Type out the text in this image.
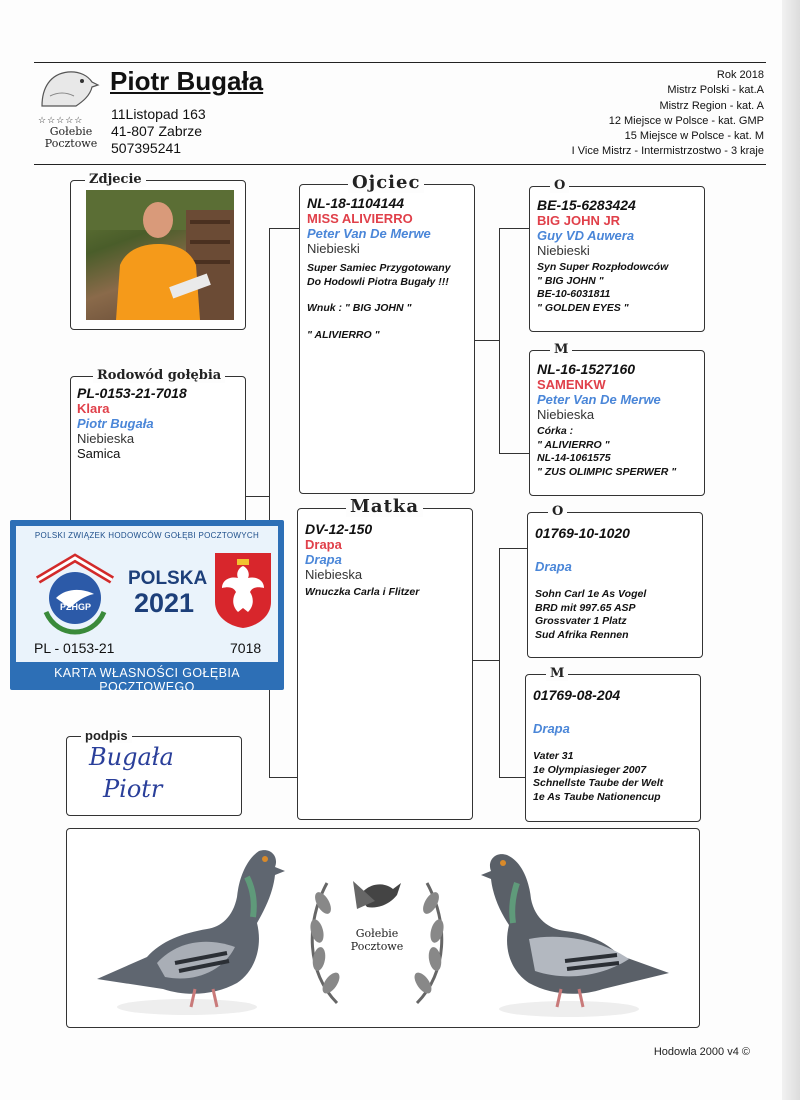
☆☆☆☆☆
Gołebie
Pocztowe
Piotr Bugała
11Listopad 163
41-807 Zabrze
507395241
Rok 2018
Mistrz Polski - kat.A
Mistrz Region - kat. A
12 Miejsce w Polsce - kat. GMP
15 Miejsce w Polsce - kat. M
I Vice Mistrz - Intermistrzostwo - 3 kraje
Zdjecie
Rodowód gołębia
PL-0153-21-7018
Klara
Piotr Bugała
Niebieska
Samica
Ojciec
NL-18-1104144
MISS ALIVIERRO
Peter Van De Merwe
Niebieski
Super Samiec Przygotowany
Do Hodowli Piotra Bugały !!!
Wnuk : " BIG JOHN "
" ALIVIERRO "
Matka
DV-12-150
Drapa
Drapa
Niebieska
Wnuczka Carla i Flitzer
O
BE-15-6283424
BIG JOHN JR
Guy VD Auwera
Niebieski
Syn Super Rozpłodowców
" BIG JOHN "
BE-10-6031811
" GOLDEN EYES "
M
NL-16-1527160
SAMENKW
Peter Van De Merwe
Niebieska
Córka :
" ALIVIERRO "
NL-14-1061575
" ZUS OLIMPIC SPERWER "
O
01769-10-1020
Drapa
Sohn Carl 1e As Vogel
BRD mit 997.65 ASP
Grossvater 1 Platz
Sud Afrika Rennen
M
01769-08-204
Drapa
Vater 31
1e Olympiasieger 2007
Schnellste Taube der Welt
1e As Taube Nationencup
POLSKI ZWIĄZEK HODOWCÓW GOŁĘBI POCZTOWYCH
PZHGP
POLSKA
2021
PL - 0153-21	7018
KARTA WŁASNOŚCI GOŁĘBIA POCZTOWEGO
podpis
Bugała
Piotr
Gołebie
Pocztowe
Hodowla 2000 v4 ©
